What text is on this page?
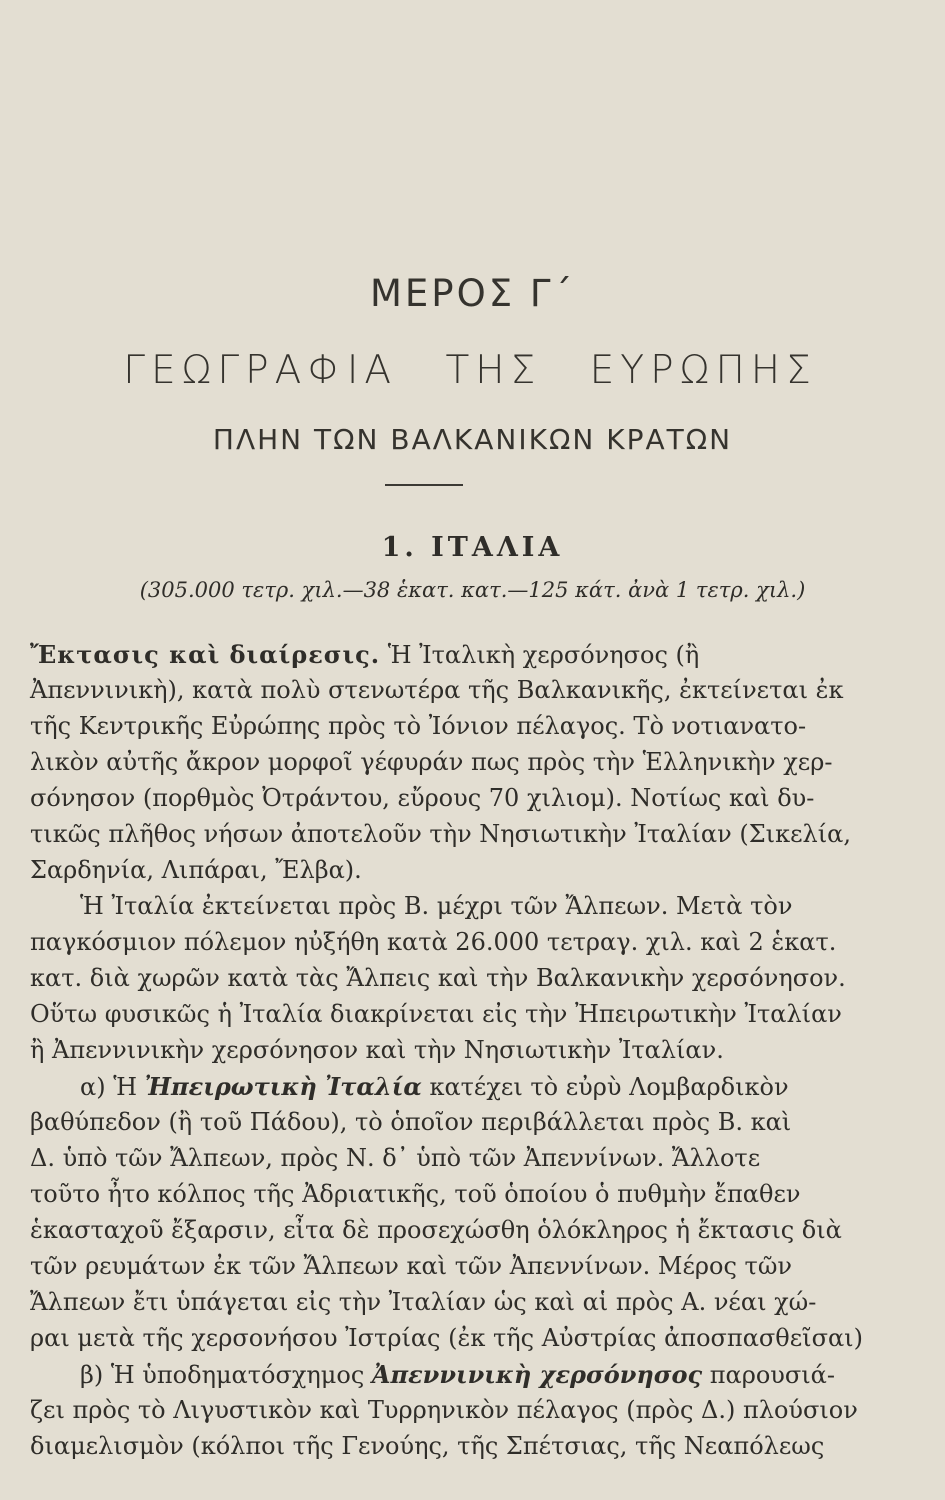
ΜΕΡΟΣ Γ΄
ΓΕΩΓΡΑΦΙΑ ΤΗΣ ΕΥΡΩΠΗΣ
ΠΛΗΝ ΤΩΝ ΒΑΛΚΑΝΙΚΩΝ ΚΡΑΤΩΝ
1. ΙΤΑΛΙΑ
(305.000 τετρ. χιλ.—38 ἑκατ. κατ.—125 κάτ. ἀνὰ 1 τετρ. χιλ.)
Ἔκτασις καὶ διαίρεσις. Ἡ Ἰταλικὴ χερσόνησος (ἢ
Ἀπεννινικὴ), κατὰ πολὺ στενωτέρα τῆς Βαλκανικῆς, ἐκτείνεται ἐκ
τῆς Κεντρικῆς Εὐρώπης πρὸς τὸ Ἰόνιον πέλαγος. Τὸ νοτιανατο-
λικὸν αὐτῆς ἄκρον μορφοῖ γέφυράν πως πρὸς τὴν Ἑλληνικὴν χερ-
σόνησον (πορθμὸς Ὀτράντου, εὔρους 70 χιλιομ). Νοτίως καὶ δυ-
τικῶς πλῆθος νήσων ἀποτελοῦν τὴν Νησιωτικὴν Ἰταλίαν (Σικελία,
Σαρδηνία, Λιπάραι, Ἔλβα).
Ἡ Ἰταλία ἐκτείνεται πρὸς Β. μέχρι τῶν Ἄλπεων. Μετὰ τὸν
παγκόσμιον πόλεμον ηὐξήθη κατὰ 26.000 τετραγ. χιλ. καὶ 2 ἑκατ.
κατ. διὰ χωρῶν κατὰ τὰς Ἄλπεις καὶ τὴν Βαλκανικὴν χερσόνησον.
Οὕτω φυσικῶς ἡ Ἰταλία διακρίνεται εἰς τὴν Ἠπειρωτικὴν Ἰταλίαν
ἢ Ἀπεννινικὴν χερσόνησον καὶ τὴν Νησιωτικὴν Ἰταλίαν.
α) Ἡ Ἠπειρωτικὴ Ἰταλία κατέχει τὸ εὐρὺ Λομβαρδικὸν
βαθύπεδον (ἢ τοῦ Πάδου), τὸ ὁποῖον περιβάλλεται πρὸς Β. καὶ
Δ. ὑπὸ τῶν Ἄλπεων, πρὸς Ν. δ᾽ ὑπὸ τῶν Ἀπεννίνων. Ἄλλοτε
τοῦτο ἦτο κόλπος τῆς Ἀδριατικῆς, τοῦ ὁποίου ὁ πυθμὴν ἔπαθεν
ἑκασταχοῦ ἔξαρσιν, εἶτα δὲ προσεχώσθη ὁλόκληρος ἡ ἔκτασις διὰ
τῶν ρευμάτων ἐκ τῶν Ἄλπεων καὶ τῶν Ἀπεννίνων. Μέρος τῶν
Ἄλπεων ἔτι ὑπάγεται εἰς τὴν Ἰταλίαν ὡς καὶ αἱ πρὸς Α. νέαι χώ-
ραι μετὰ τῆς χερσονήσου Ἰστρίας (ἐκ τῆς Αὐστρίας ἀποσπασθεῖσαι)
β) Ἡ ὑποδηματόσχημος Ἀπεννινικὴ χερσόνησος παρουσιά-
ζει πρὸς τὸ Λιγυστικὸν καὶ Τυρρηνικὸν πέλαγος (πρὸς Δ.) πλούσιον
διαμελισμὸν (κόλποι τῆς Γενούης, τῆς Σπέτσιας, τῆς Νεαπόλεως
